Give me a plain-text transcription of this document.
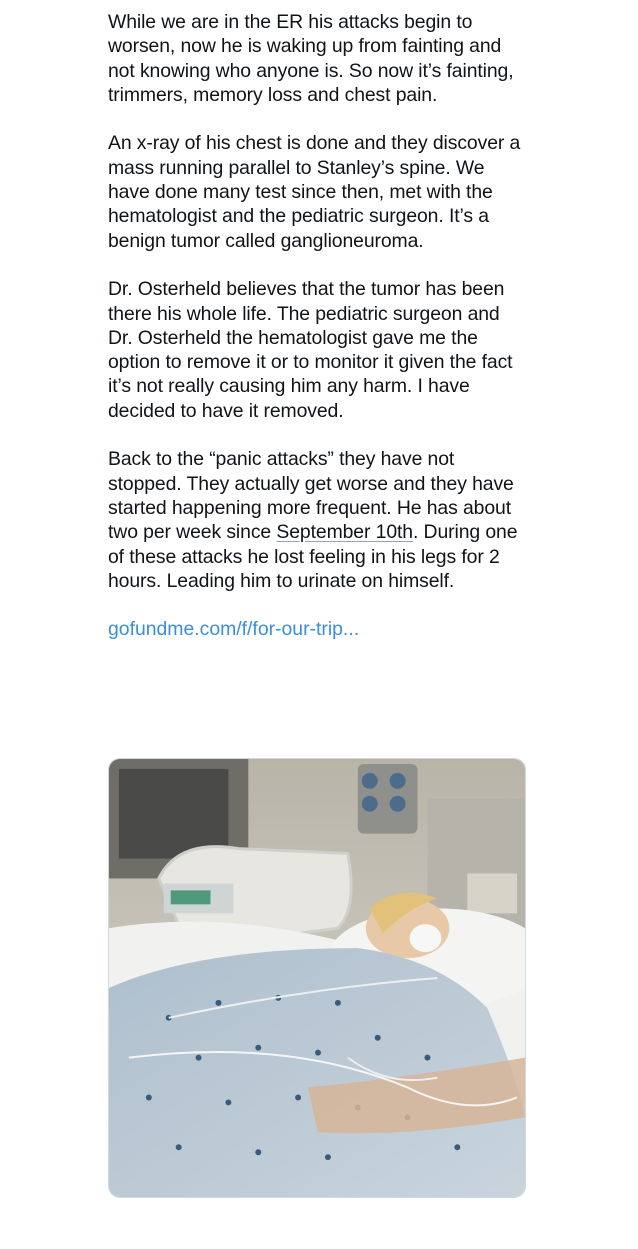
While we are in the ER his attacks begin to worsen, now he is waking up from fainting and not knowing who anyone is. So now it’s fainting, trimmers, memory loss and chest pain.

An x-ray of his chest is done and they discover a mass running parallel to Stanley’s spine. We have done many test since then, met with the hematologist and the pediatric surgeon. It’s a benign tumor called ganglioneuroma.

Dr. Osterheld believes that the tumor has been there his whole life. The pediatric surgeon and Dr. Osterheld the hematologist gave me the option to remove it or to monitor it given the fact it’s not really causing him any harm. I have decided to have it removed.

Back to the “panic attacks” they have not stopped. They actually get worse and they have started happening more frequent. He has about two per week since September 10th. During one of these attacks he lost feeling in his legs for 2 hours. Leading him to urinate on himself.

gofundme.com/f/for-our-trip...
